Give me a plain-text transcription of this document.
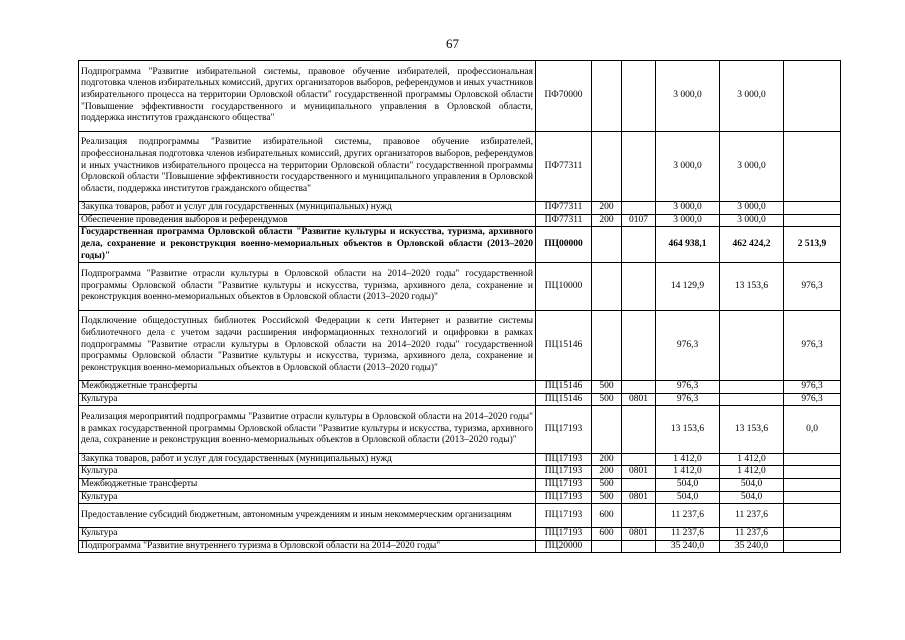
67
Подпрограмма "Развитие избирательной системы, правовое обучение избирателей, профессиональная подготовка членов избирательных комиссий, других организаторов выборов, референдумов и иных участников избирательного процесса на территории Орловской области" государственной программы Орловской области "Повышение эффективности государственного и муниципального управления в Орловской области, поддержка институтов гражданского общества"	ПФ70000			3 000,0	3 000,0	
Реализация подпрограммы "Развитие избирательной системы, правовое обучение избирателей, профессиональная подготовка членов избирательных комиссий, других организаторов выборов, референдумов и иных участников избирательного процесса на территории Орловской области" государственной программы Орловской области "Повышение эффективности государственного и муниципального управления в Орловской области, поддержка институтов гражданского общества"	ПФ77311			3 000,0	3 000,0	
Закупка товаров, работ и услуг для государственных (муниципальных) нужд	ПФ77311	200		3 000,0	3 000,0	
Обеспечение проведения выборов и референдумов	ПФ77311	200	0107	3 000,0	3 000,0	
Государственная программа Орловской области "Развитие культуры и искусства, туризма, архивного дела, сохранение и реконструкция военно-мемориальных объектов в Орловской области (2013–2020 годы)"	ПЦ00000			464 938,1	462 424,2	2 513,9
Подпрограмма "Развитие отрасли культуры в Орловской области на 2014–2020 годы" государственной программы Орловской области "Развитие культуры и искусства, туризма, архивного дела, сохранение и реконструкция военно-мемориальных объектов в Орловской области (2013–2020 годы)"	ПЦ10000			14 129,9	13 153,6	976,3
Подключение общедоступных библиотек Российской Федерации к сети Интернет и развитие системы библиотечного дела с учетом задачи расширения информационных технологий и оцифровки в рамках подпрограммы "Развитие отрасли культуры в Орловской области на 2014–2020 годы" государственной программы Орловской области "Развитие культуры и искусства, туризма, архивного дела, сохранение и реконструкция военно-мемориальных объектов в Орловской области (2013–2020 годы)"	ПЦ15146			976,3		976,3
Межбюджетные трансферты	ПЦ15146	500		976,3		976,3
Культура	ПЦ15146	500	0801	976,3		976,3
Реализация мероприятий подпрограммы "Развитие отрасли культуры в Орловской области на 2014–2020 годы" в рамках государственной программы Орловской области "Развитие культуры и искусства, туризма, архивного дела, сохранение и реконструкция военно-мемориальных объектов в Орловской области (2013–2020 годы)"	ПЦ17193			13 153,6	13 153,6	0,0
Закупка товаров, работ и услуг для государственных (муниципальных) нужд	ПЦ17193	200		1 412,0	1 412,0	
Культура	ПЦ17193	200	0801	1 412,0	1 412,0	
Межбюджетные трансферты	ПЦ17193	500		504,0	504,0	
Культура	ПЦ17193	500	0801	504,0	504,0	
Предоставление субсидий бюджетным, автономным учреждениям и иным некоммерческим организациям	ПЦ17193	600		11 237,6	11 237,6	
Культура	ПЦ17193	600	0801	11 237,6	11 237,6	
Подпрограмма "Развитие внутреннего туризма в Орловской области на 2014–2020 годы"	ПЦ20000			35 240,0	35 240,0	
